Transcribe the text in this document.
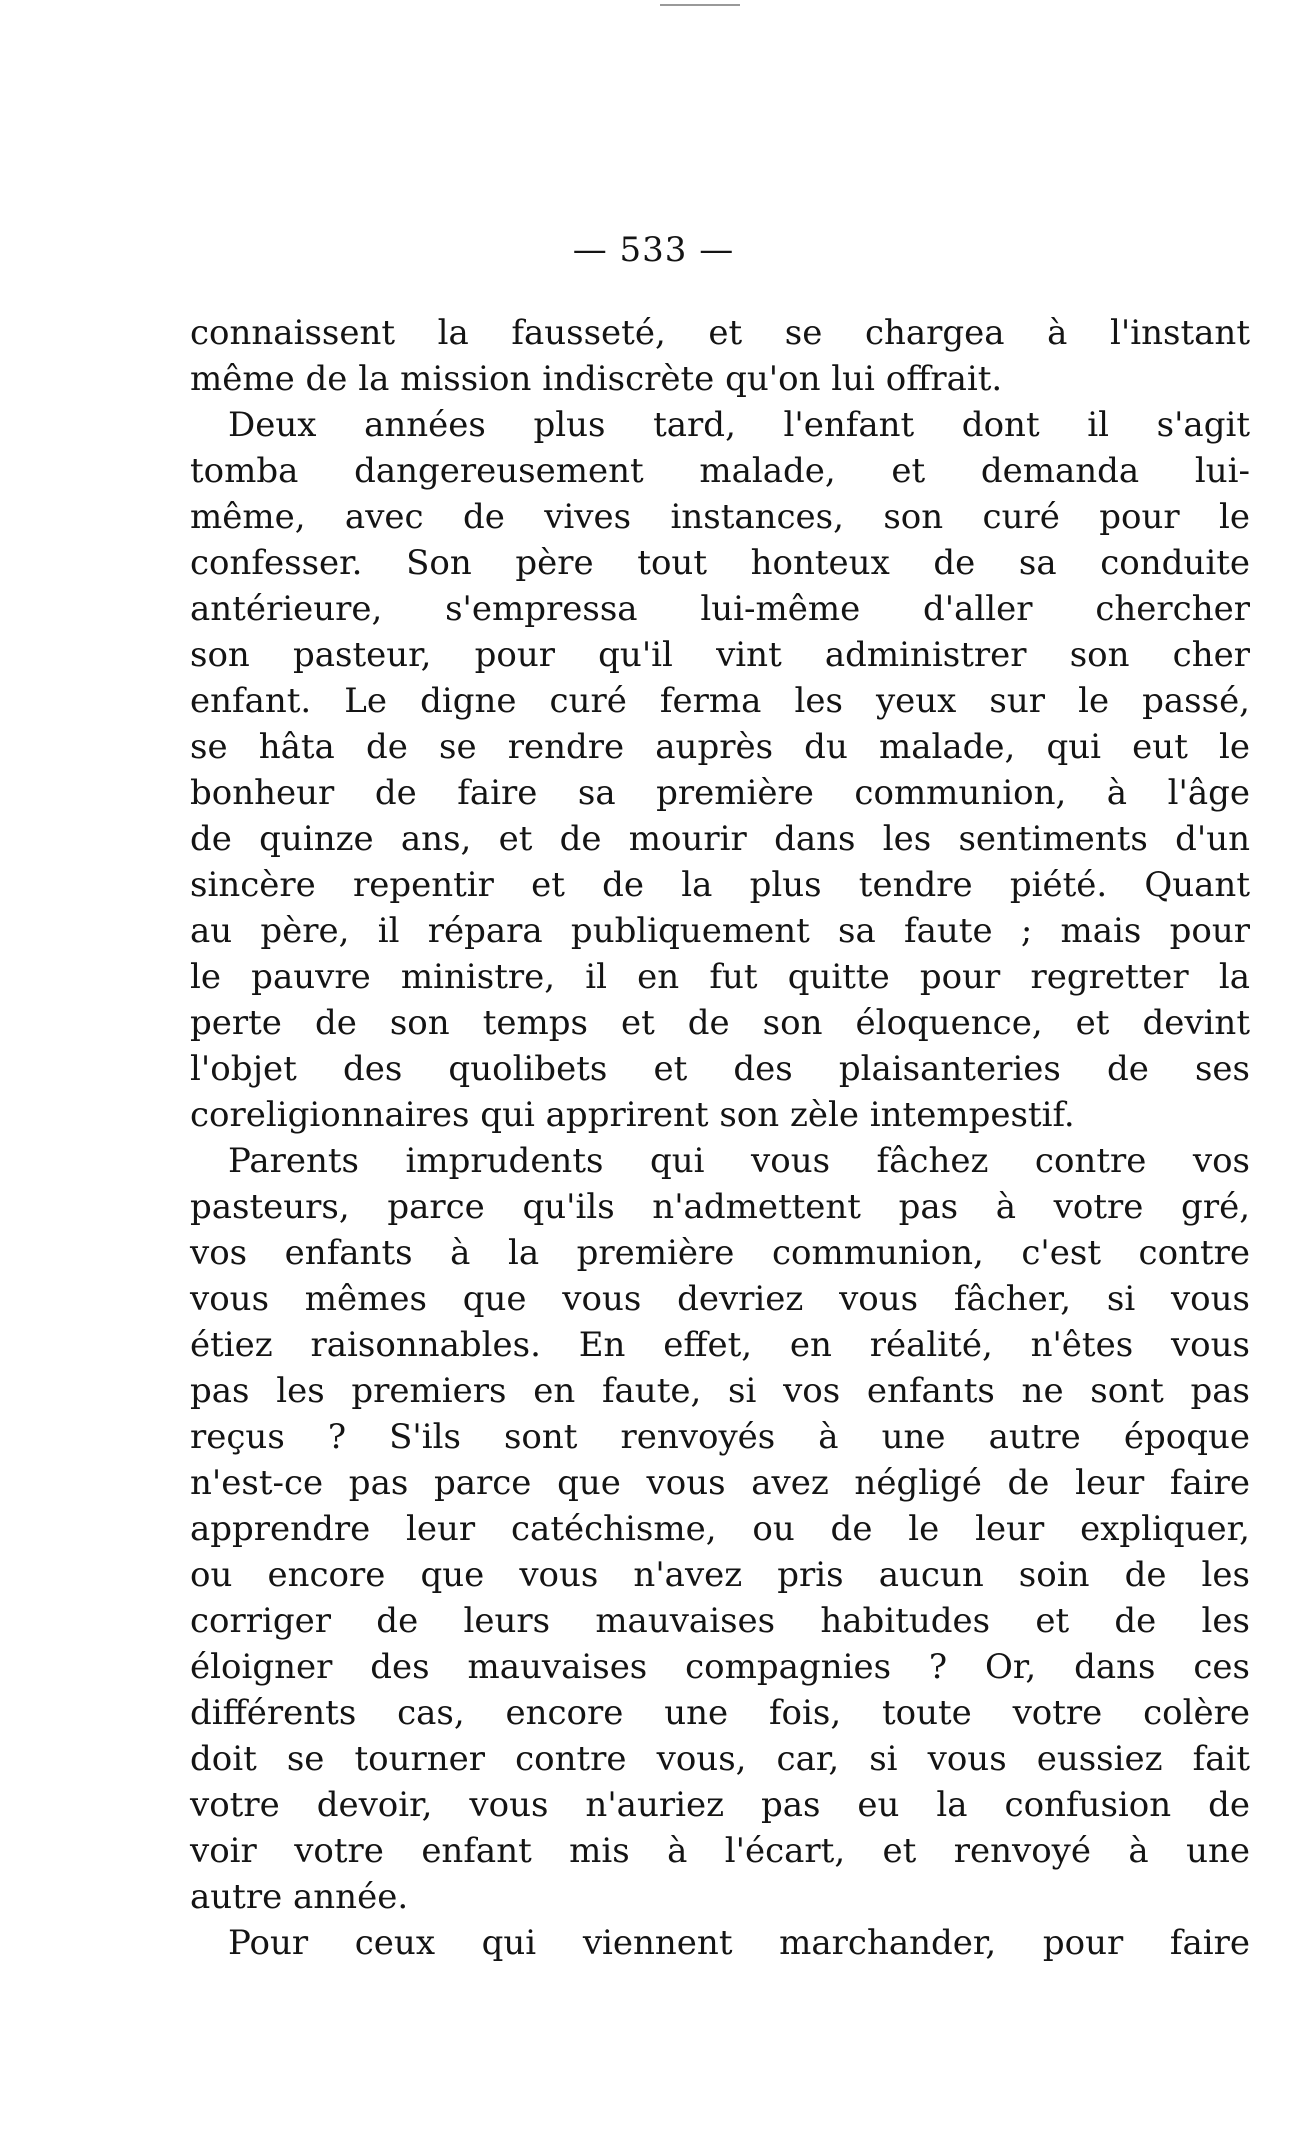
— 533 —
connaissent la fausseté, et se chargea à l'instant
même de la mission indiscrète qu'on lui offrait.
Deux années plus tard, l'enfant dont il s'agit
tomba dangereusement malade, et demanda lui-
même, avec de vives instances, son curé pour le
confesser. Son père tout honteux de sa conduite
antérieure, s'empressa lui-même d'aller chercher
son pasteur, pour qu'il vint administrer son cher
enfant. Le digne curé ferma les yeux sur le passé,
se hâta de se rendre auprès du malade, qui eut le
bonheur de faire sa première communion, à l'âge
de quinze ans, et de mourir dans les sentiments d'un
sincère repentir et de la plus tendre piété. Quant
au père, il répara publiquement sa faute ; mais pour
le pauvre ministre, il en fut quitte pour regretter la
perte de son temps et de son éloquence, et devint
l'objet des quolibets et des plaisanteries de ses
coreligionnaires qui apprirent son zèle intempestif.
Parents imprudents qui vous fâchez contre vos
pasteurs, parce qu'ils n'admettent pas à votre gré,
vos enfants à la première communion, c'est contre
vous mêmes que vous devriez vous fâcher, si vous
étiez raisonnables. En effet, en réalité, n'êtes vous
pas les premiers en faute, si vos enfants ne sont pas
reçus ? S'ils sont renvoyés à une autre époque
n'est-ce pas parce que vous avez négligé de leur faire
apprendre leur catéchisme, ou de le leur expliquer,
ou encore que vous n'avez pris aucun soin de les
corriger de leurs mauvaises habitudes et de les
éloigner des mauvaises compagnies ? Or, dans ces
différents cas, encore une fois, toute votre colère
doit se tourner contre vous, car, si vous eussiez fait
votre devoir, vous n'auriez pas eu la confusion de
voir votre enfant mis à l'écart, et renvoyé à une
autre année.
Pour ceux qui viennent marchander, pour faire
